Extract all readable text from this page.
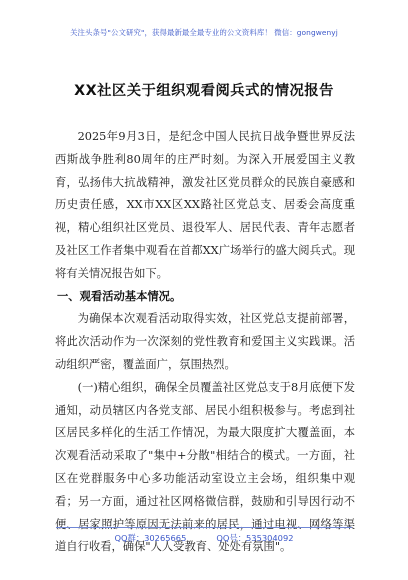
关注头条号"公文研究"，获得最新最全最专业的公文资料库！ 微信：gongwenyj
XX社区关于组织观看阅兵式的情况报告

2025年9月3日，是纪念中国人民抗日战争暨世界反法西斯战争胜利80周年的庄严时刻。为深入开展爱国主义教育，弘扬伟大抗战精神，激发社区党员群众的民族自豪感和历史责任感，XX市XX区XX路社区党总支、居委会高度重视，精心组织社区党员、退役军人、居民代表、青年志愿者及社区工作者集中观看在首都XX广场举行的盛大阅兵式。现将有关情况报告如下。

一、观看活动基本情况。

为确保本次观看活动取得实效，社区党总支提前部署，将此次活动作为一次深刻的党性教育和爱国主义实践课。活动组织严密，覆盖面广，氛围热烈。

(一)精心组织，确保全员覆盖社区党总支于8月底便下发通知，动员辖区内各党支部、居民小组积极参与。考虑到社区居民多样化的生活工作情况，为最大限度扩大覆盖面，本次观看活动采取了"集中+分散"相结合的模式。一方面，社区在党群服务中心多功能活动室设立主会场，组织集中观看；另一方面，通过社区网格微信群，鼓励和引导因行动不便、居家照护等原因无法前来的居民，通过电视、网络等渠道自行收看，确保"人人受教育、处处有氛围"。

QQ群：30265665	QQ号：535304092
